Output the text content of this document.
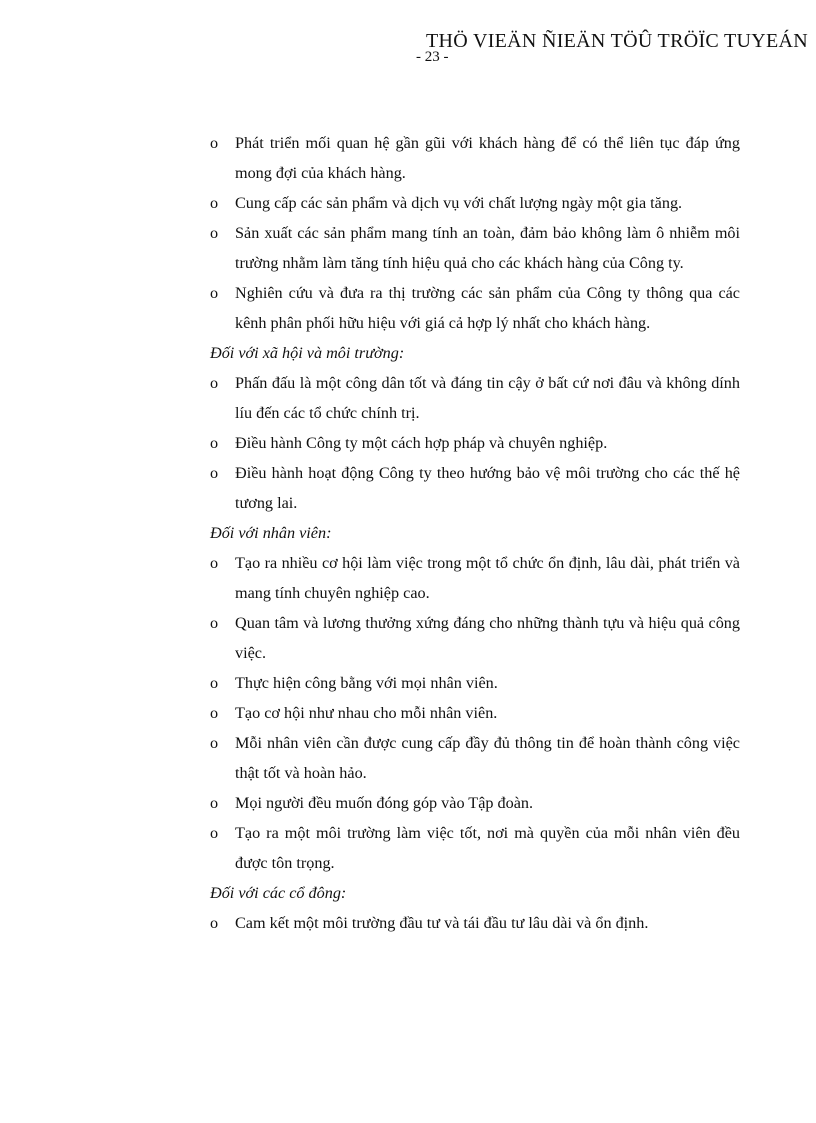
THÖ VIEÄN ÑIEÄN TÖÛ TRÖÏC TUYEÁN
- 23 -
o Phát triển mối quan hệ gần gũi với khách hàng để có thể liên tục đáp ứng mong đợi của khách hàng.
o Cung cấp các sản phẩm và dịch vụ với chất lượng ngày một gia tăng.
o Sản xuất các sản phẩm mang tính an toàn, đảm bảo không làm ô nhiễm môi trường nhằm làm tăng tính hiệu quả cho các khách hàng của Công ty.
o Nghiên cứu và đưa ra thị trường các sản phẩm của Công ty thông qua các kênh phân phối hữu hiệu với giá cả hợp lý nhất cho khách hàng.
Đối với xã hội và môi trường:
o Phấn đấu là một công dân tốt và đáng tin cậy ở bất cứ nơi đâu và không dính líu đến các tổ chức chính trị.
o Điều hành Công ty một cách hợp pháp và chuyên nghiệp.
o Điều hành hoạt động Công ty theo hướng bảo vệ môi trường cho các thế hệ tương lai.
Đối với nhân viên:
o Tạo ra nhiều cơ hội làm việc trong một tổ chức ổn định, lâu dài, phát triển và mang tính chuyên nghiệp cao.
o Quan tâm và lương thưởng xứng đáng cho những thành tựu và hiệu quả công việc.
o Thực hiện công bằng với mọi nhân viên.
o Tạo cơ hội như nhau cho mỗi nhân viên.
o Mỗi nhân viên cần được cung cấp đầy đủ thông tin để hoàn thành công việc thật tốt và hoàn hảo.
o Mọi người đều muốn đóng góp vào Tập đoàn.
o Tạo ra một môi trường làm việc tốt, nơi mà quyền của mỗi nhân viên đều được tôn trọng.
Đối với các cổ đông:
o Cam kết một môi trường đầu tư và tái đầu tư lâu dài và ổn định.
